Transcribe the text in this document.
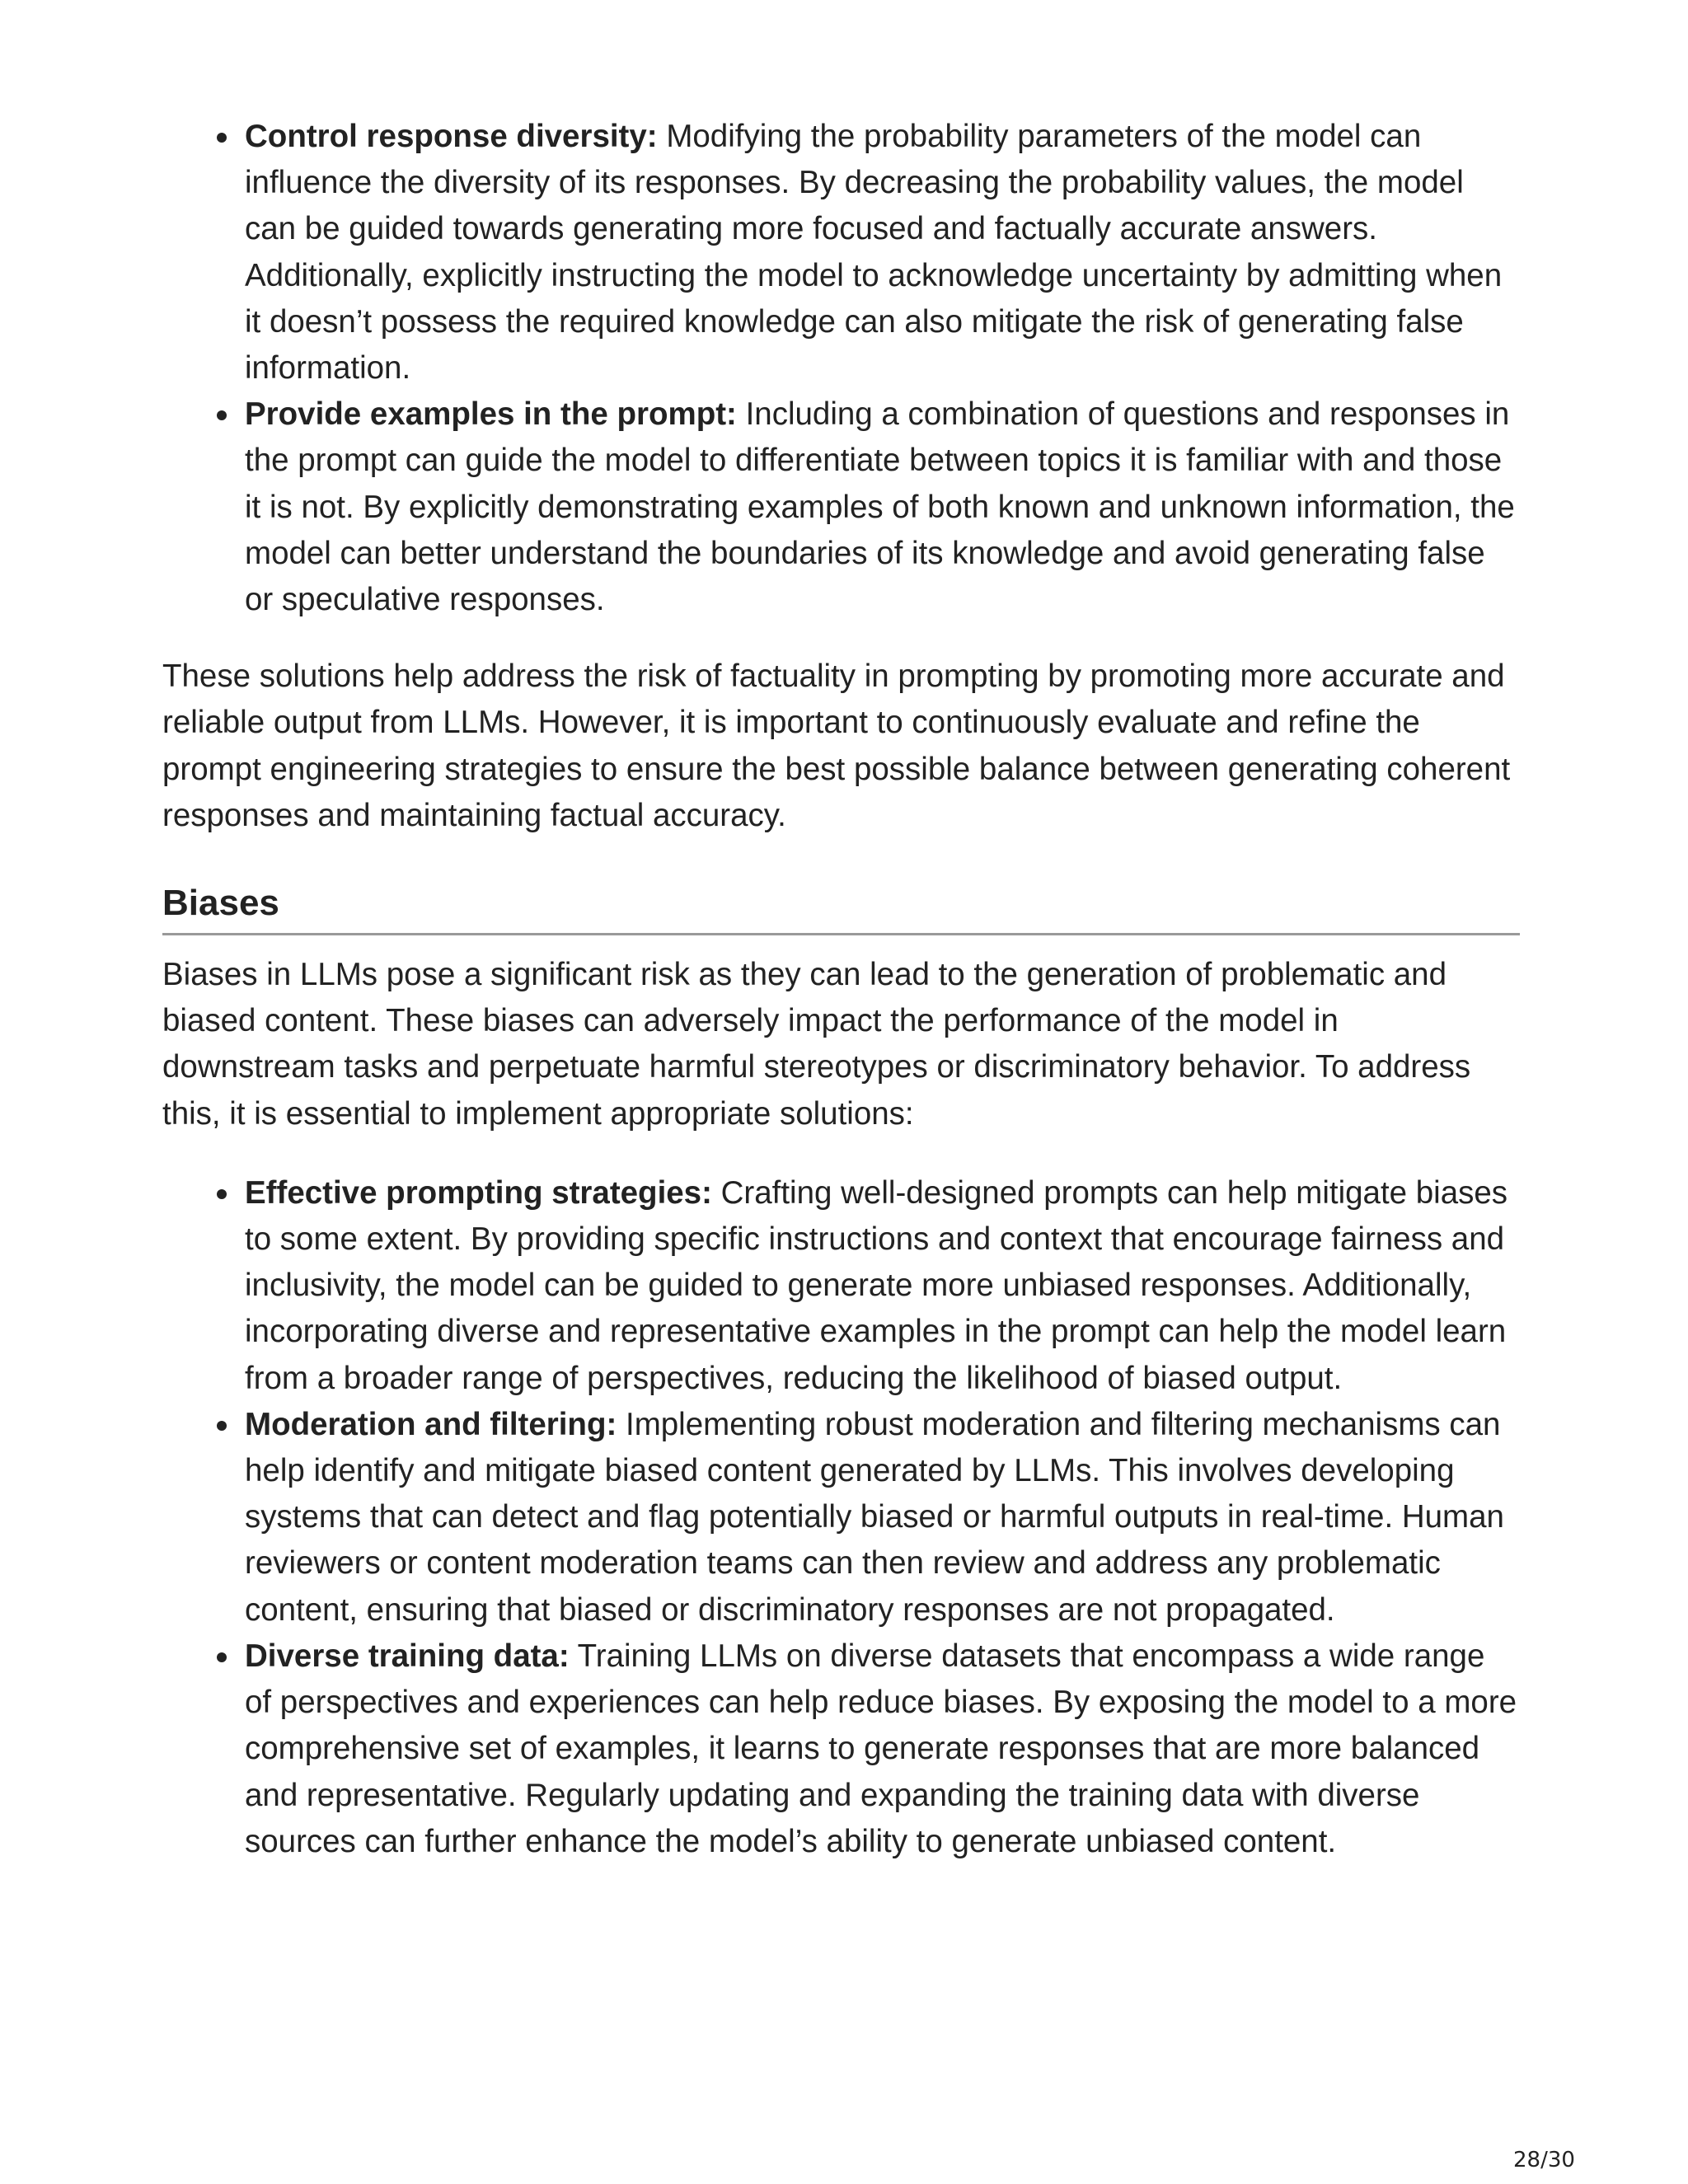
Control response diversity: Modifying the probability parameters of the model can influence the diversity of its responses. By decreasing the probability values, the model can be guided towards generating more focused and factually accurate answers. Additionally, explicitly instructing the model to acknowledge uncertainty by admitting when it doesn’t possess the required knowledge can also mitigate the risk of generating false information.
Provide examples in the prompt: Including a combination of questions and responses in the prompt can guide the model to differentiate between topics it is familiar with and those it is not. By explicitly demonstrating examples of both known and unknown information, the model can better understand the boundaries of its knowledge and avoid generating false or speculative responses.

These solutions help address the risk of factuality in prompting by promoting more accurate and reliable output from LLMs. However, it is important to continuously evaluate and refine the prompt engineering strategies to ensure the best possible balance between generating coherent responses and maintaining factual accuracy.

Biases

Biases in LLMs pose a significant risk as they can lead to the generation of problematic and biased content. These biases can adversely impact the performance of the model in downstream tasks and perpetuate harmful stereotypes or discriminatory behavior. To address this, it is essential to implement appropriate solutions:

Effective prompting strategies: Crafting well-designed prompts can help mitigate biases to some extent. By providing specific instructions and context that encourage fairness and inclusivity, the model can be guided to generate more unbiased responses. Additionally, incorporating diverse and representative examples in the prompt can help the model learn from a broader range of perspectives, reducing the likelihood of biased output.
Moderation and filtering: Implementing robust moderation and filtering mechanisms can help identify and mitigate biased content generated by LLMs. This involves developing systems that can detect and flag potentially biased or harmful outputs in real-time. Human reviewers or content moderation teams can then review and address any problematic content, ensuring that biased or discriminatory responses are not propagated.
Diverse training data: Training LLMs on diverse datasets that encompass a wide range of perspectives and experiences can help reduce biases. By exposing the model to a more comprehensive set of examples, it learns to generate responses that are more balanced and representative. Regularly updating and expanding the training data with diverse sources can further enhance the model’s ability to generate unbiased content.
28/30
